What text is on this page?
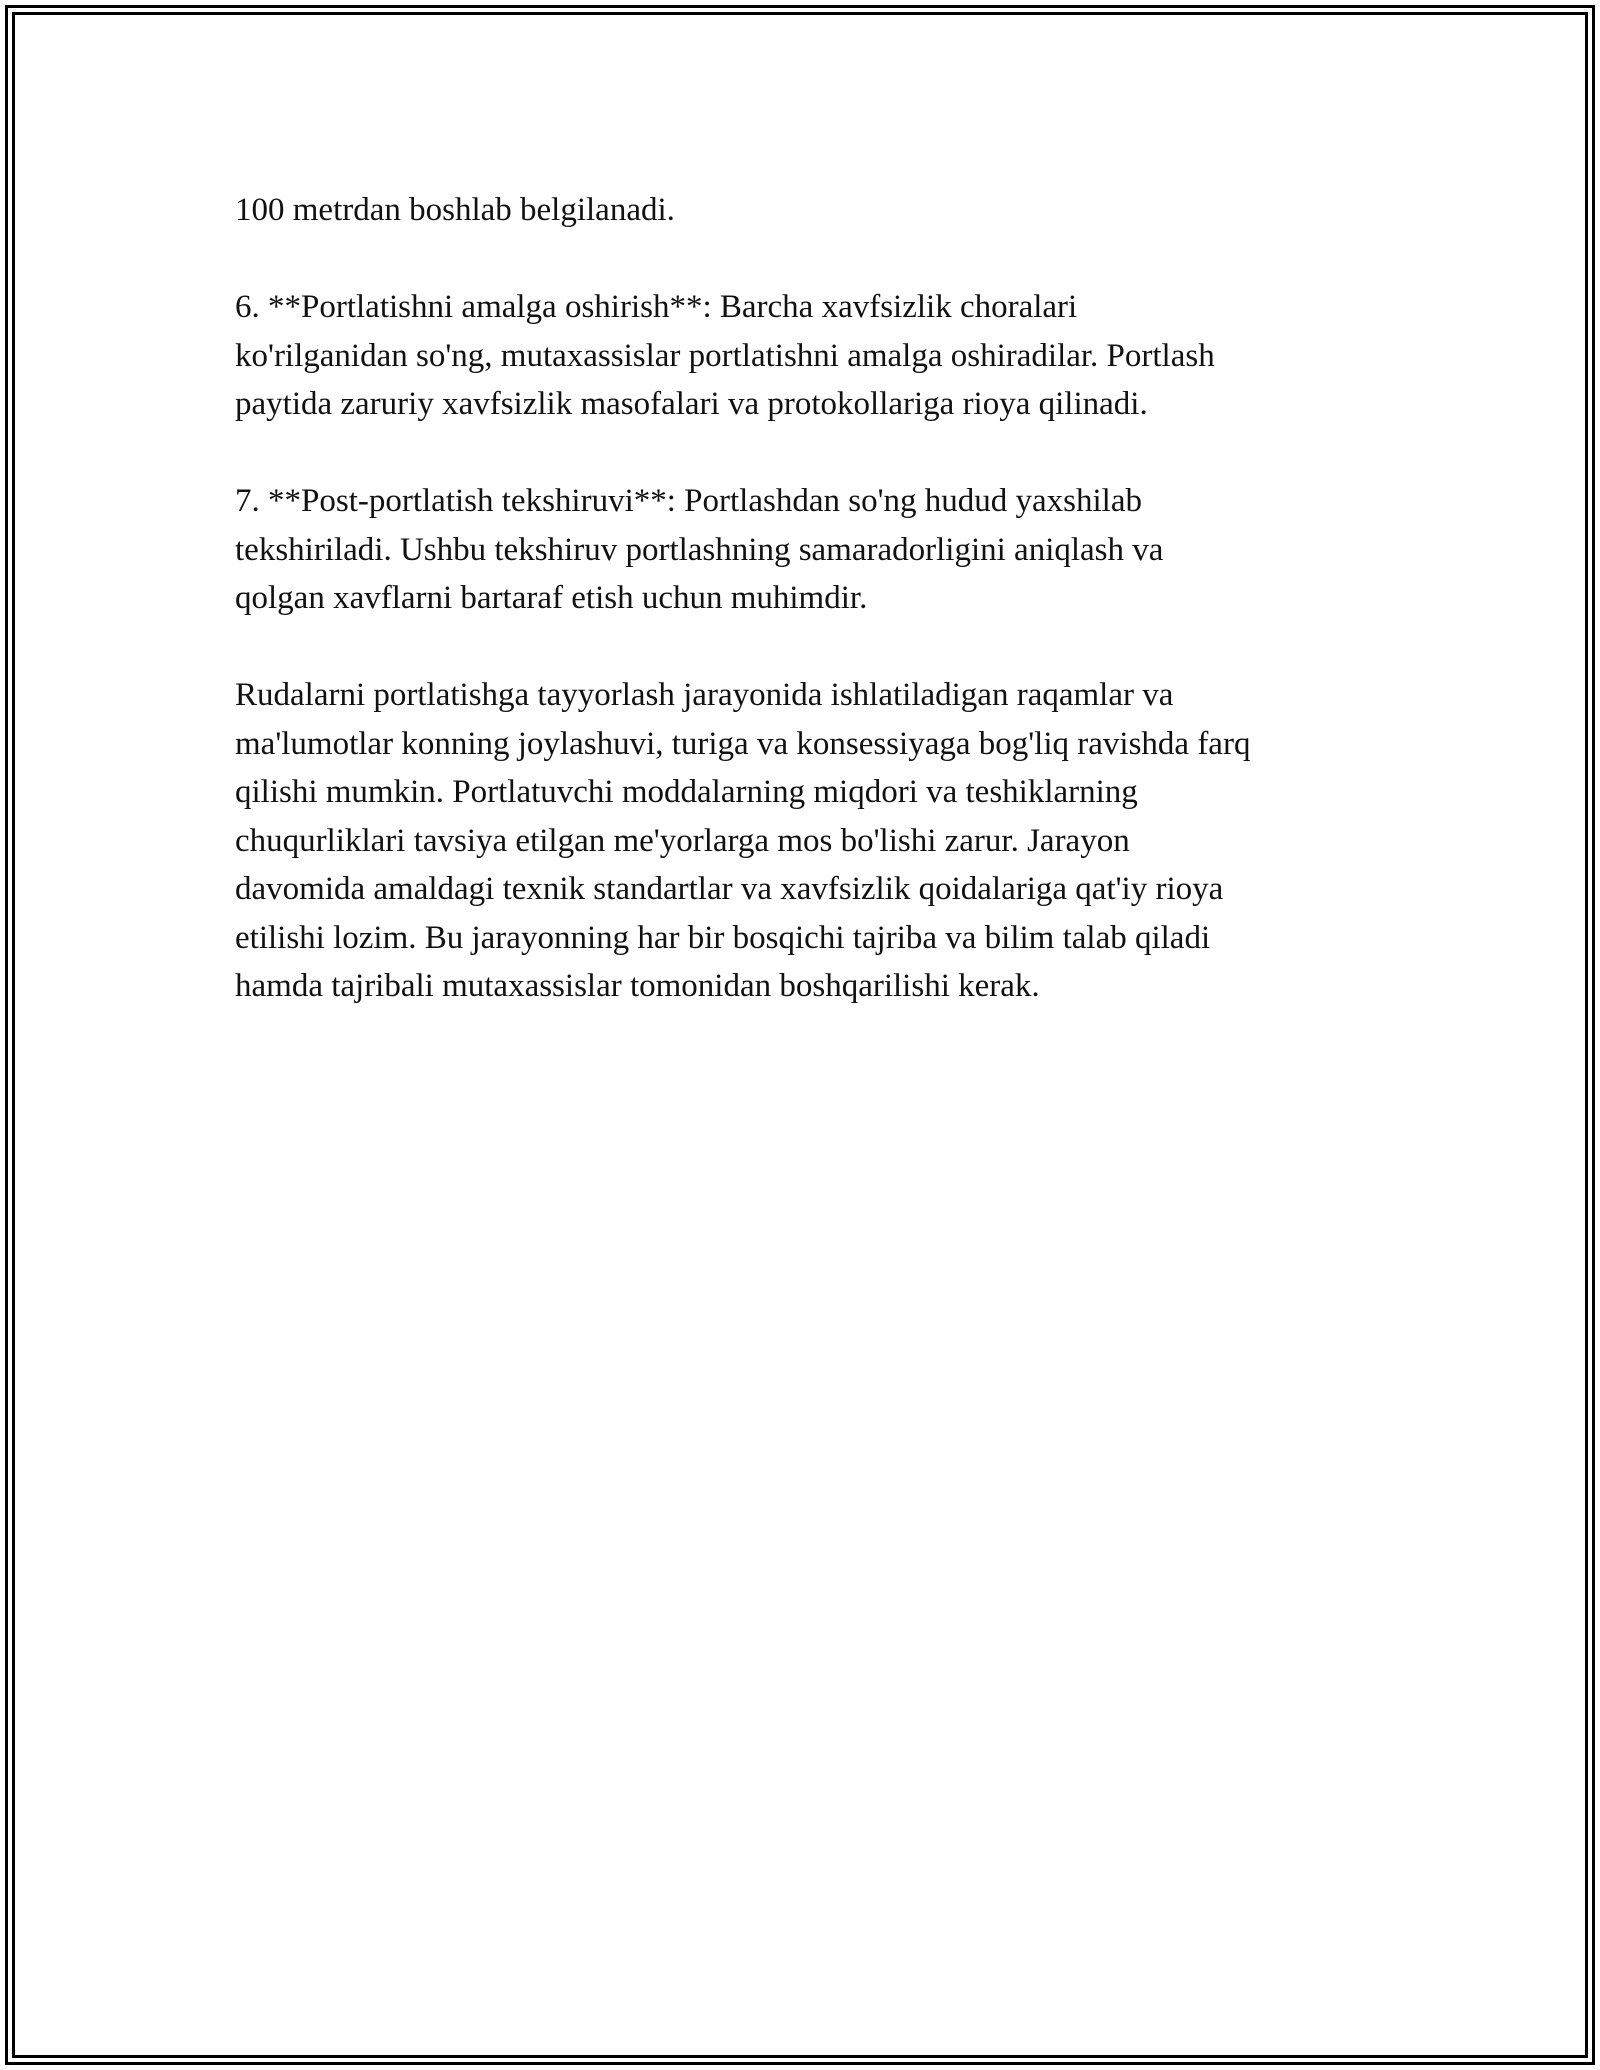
100 metrdan boshlab belgilanadi.

6. **Portlatishni amalga oshirish**: Barcha xavfsizlik choralari
ko'rilganidan so'ng, mutaxassislar portlatishni amalga oshiradilar. Portlash
paytida zaruriy xavfsizlik masofalari va protokollariga rioya qilinadi.

7. **Post-portlatish tekshiruvi**: Portlashdan so'ng hudud yaxshilab
tekshiriladi. Ushbu tekshiruv portlashning samaradorligini aniqlash va
qolgan xavflarni bartaraf etish uchun muhimdir.

Rudalarni portlatishga tayyorlash jarayonida ishlatiladigan raqamlar va
ma'lumotlar konning joylashuvi, turiga va konsessiyaga bog'liq ravishda farq
qilishi mumkin. Portlatuvchi moddalarning miqdori va teshiklarning
chuqurliklari tavsiya etilgan me'yorlarga mos bo'lishi zarur. Jarayon
davomida amaldagi texnik standartlar va xavfsizlik qoidalariga qat'iy rioya
etilishi lozim. Bu jarayonning har bir bosqichi tajriba va bilim talab qiladi
hamda tajribali mutaxassislar tomonidan boshqarilishi kerak.
